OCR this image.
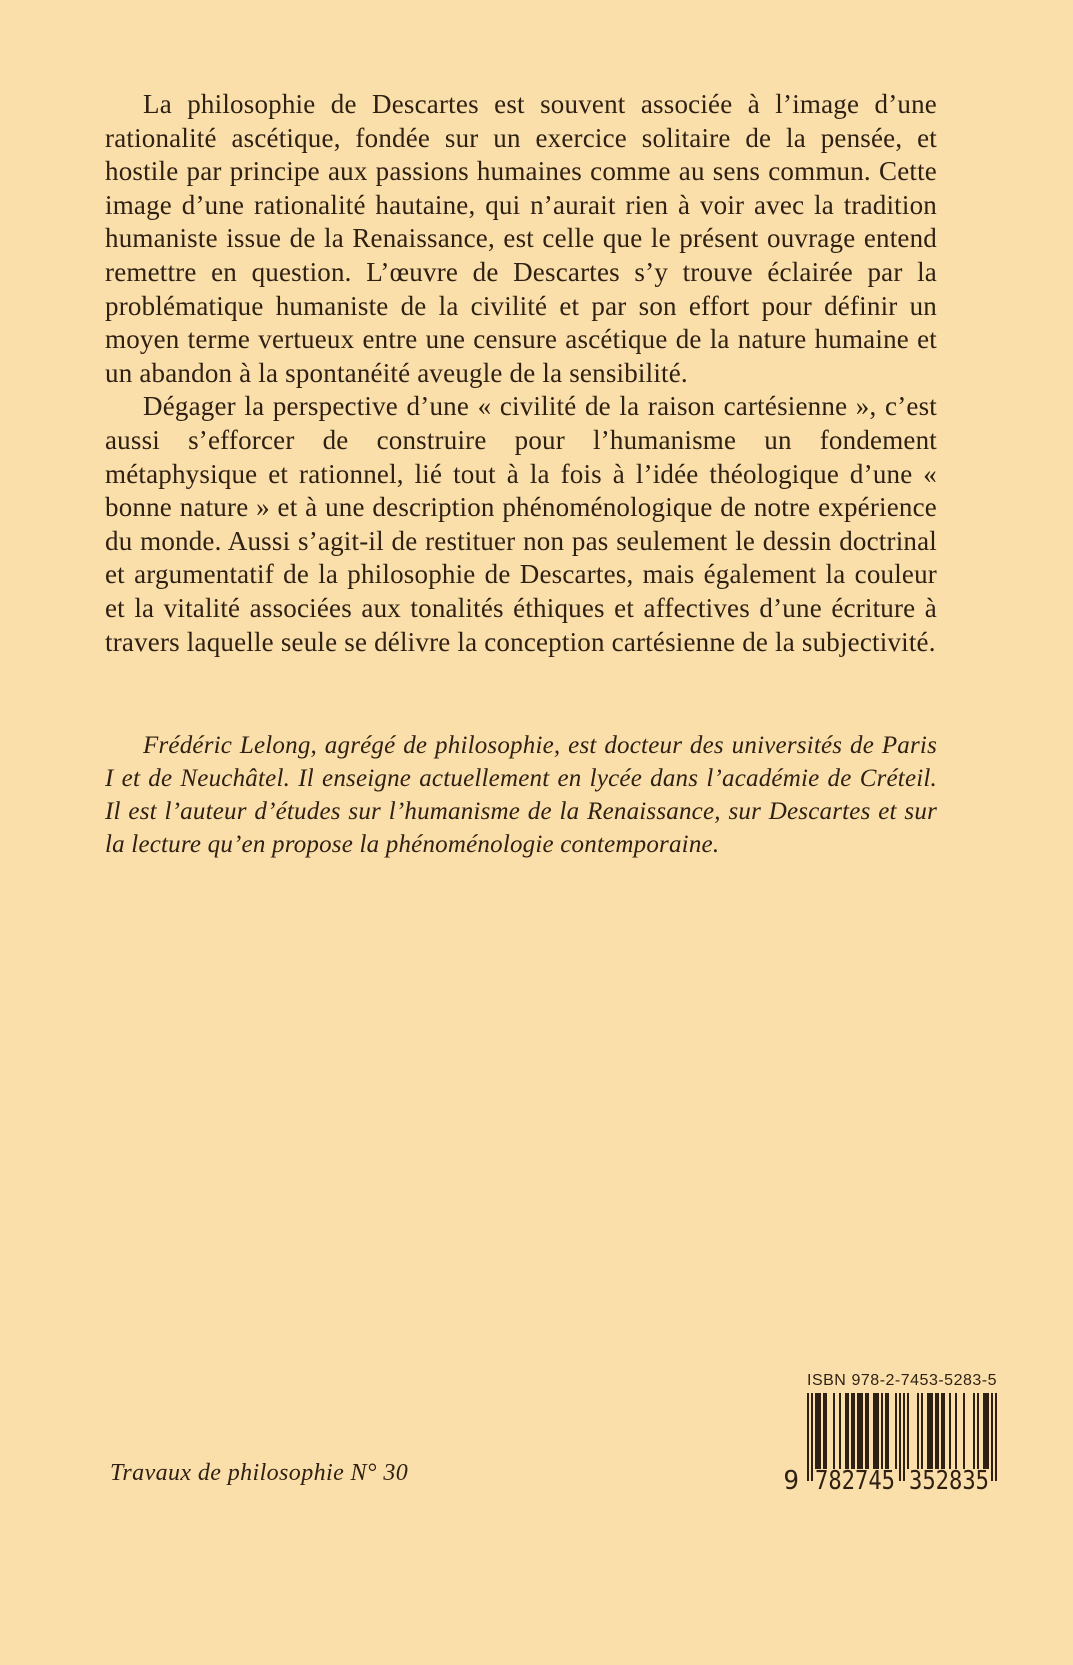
La philosophie de Descartes est souvent associée à l’image d’une rationalité ascétique, fondée sur un exercice solitaire de la pensée, et hostile par principe aux passions humaines comme au sens commun. Cette image d’une rationalité hautaine, qui n’aurait rien à voir avec la tradition humaniste issue de la Renaissance, est celle que le présent ouvrage entend remettre en question. L’œuvre de Descartes s’y trouve éclairée par la problématique humaniste de la civilité et par son effort pour définir un moyen terme vertueux entre une censure ascétique de la nature humaine et un abandon à la spontanéité aveugle de la sensibilité.

Dégager la perspective d’une « civilité de la raison cartésienne », c’est aussi s’efforcer de construire pour l’humanisme un fondement métaphysique et rationnel, lié tout à la fois à l’idée théologique d’une « bonne nature » et à une description phénoménologique de notre expérience du monde. Aussi s’agit-il de restituer non pas seulement le dessin doctrinal et argumentatif de la philosophie de Descartes, mais également la couleur et la vitalité associées aux tonalités éthiques et affectives d’une écriture à travers laquelle seule se délivre la conception cartésienne de la subjectivité.

Frédéric Lelong, agrégé de philosophie, est docteur des universités de Paris I et de Neuchâtel. Il enseigne actuellement en lycée dans l’académie de Créteil. Il est l’auteur d’études sur l’humanisme de la Renaissance, sur Descartes et sur la lecture qu’en propose la phénoménologie contemporaine.

Travaux de philosophie N° 30
ISBN 978-2-7453-5283-5
9 782745 352835
